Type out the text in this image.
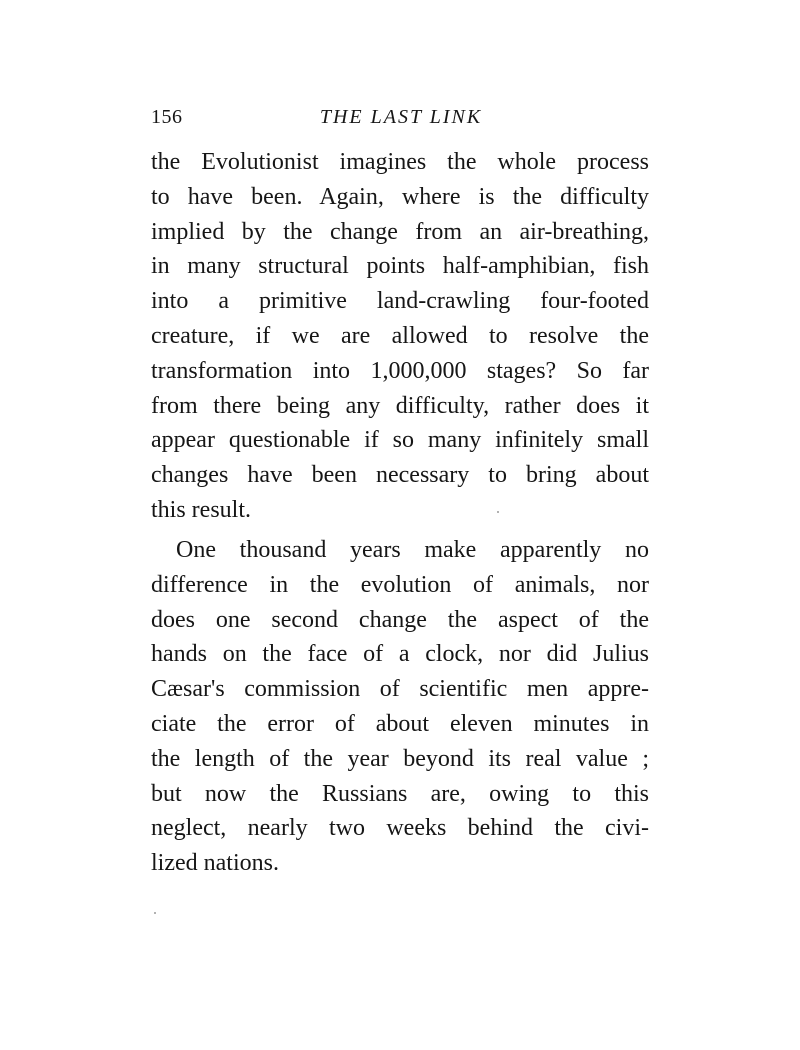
156	THE LAST LINK
the Evolutionist imagines the whole process
to have been. Again, where is the difficulty
implied by the change from an air-breathing,
in many structural points half-amphibian, fish
into a primitive land-crawling four-footed
creature, if we are allowed to resolve the
transformation into 1,000,000 stages? So far
from there being any difficulty, rather does it
appear questionable if so many infinitely small
changes have been necessary to bring about
this result.
One thousand years make apparently no
difference in the evolution of animals, nor
does one second change the aspect of the
hands on the face of a clock, nor did Julius
Cæsar's commission of scientific men appre-
ciate the error of about eleven minutes in
the length of the year beyond its real value ;
but now the Russians are, owing to this
neglect, nearly two weeks behind the civi-
lized nations.
